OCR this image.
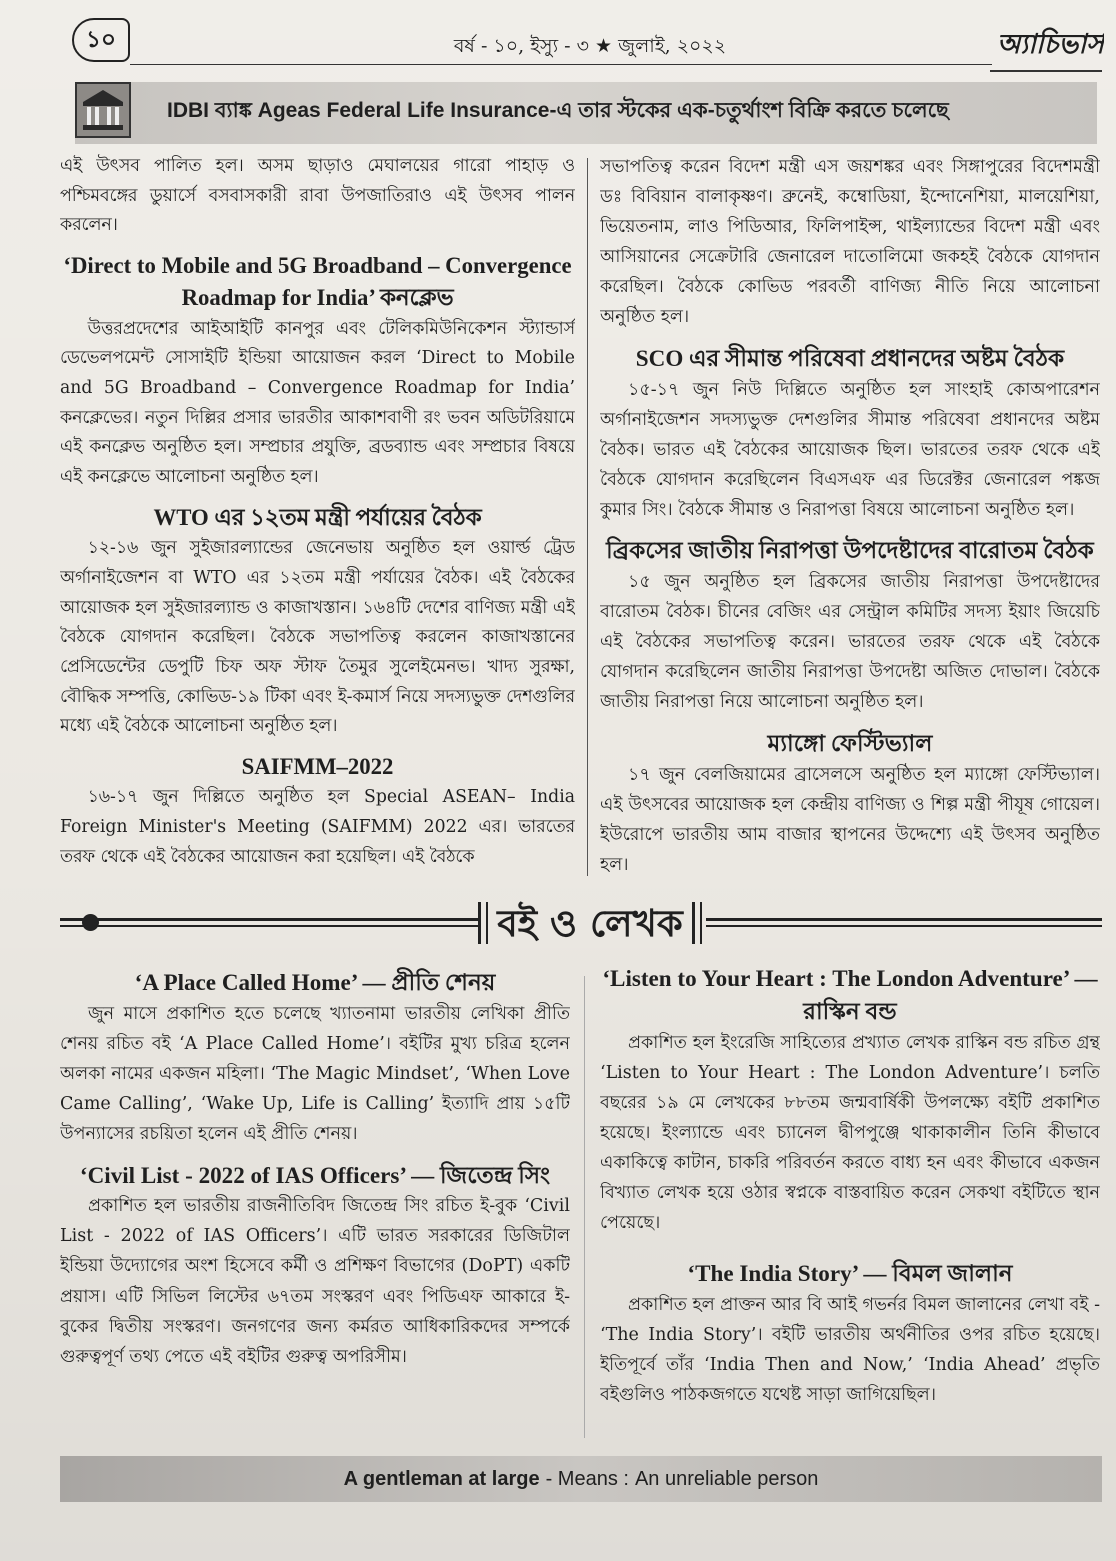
১০	বর্ষ - ১০, ইস্যু - ৩ ★ জুলাই, ২০২২	অ্যাচিভার্স
IDBI ব্যাঙ্ক Ageas Federal Life Insurance-এ তার স্টকের এক-চতুর্থাংশ বিক্রি করতে চলেছে

এই উৎসব পালিত হল। অসম ছাড়াও মেঘালয়ের গারো পাহাড় ও পশ্চিমবঙ্গের ডুয়ার্সে বসবাসকারী রাবা উপজাতিরাও এই উৎসব পালন করলেন।

‘Direct to Mobile and 5G Broadband – Convergence Roadmap for India’ কনক্লেভ

উত্তরপ্রদেশের আইআইটি কানপুর এবং টেলিকমিউনিকেশন স্ট্যান্ডার্স ডেভেলপমেন্ট সোসাইটি ইন্ডিয়া আয়োজন করল ‘Direct to Mobile and 5G Broadband – Convergence Roadmap for India’ কনক্লেভের। নতুন দিল্লির প্রসার ভারতীর আকাশবাণী রং ভবন অডিটরিয়ামে এই কনক্লেভ অনুষ্ঠিত হল। সম্প্রচার প্রযুক্তি, ব্রডব্যান্ড এবং সম্প্রচার বিষয়ে এই কনক্লেভে আলোচনা অনুষ্ঠিত হল।

WTO এর ১২তম মন্ত্রী পর্যায়ের বৈঠক

১২-১৬ জুন সুইজারল্যান্ডের জেনেভায় অনুষ্ঠিত হল ওয়ার্ল্ড ট্রেড অর্গানাইজেশন বা WTO এর ১২তম মন্ত্রী পর্যায়ের বৈঠক। এই বৈঠকের আয়োজক হল সুইজারল্যান্ড ও কাজাখস্তান। ১৬৪টি দেশের বাণিজ্য মন্ত্রী এই বৈঠকে যোগদান করেছিল। বৈঠকে সভাপতিত্ব করলেন কাজাখস্তানের প্রেসিডেন্টের ডেপুটি চিফ অফ স্টাফ তৈমুর সুলেইমেনভ। খাদ্য সুরক্ষা, বৌদ্ধিক সম্পত্তি, কোভিড-১৯ টিকা এবং ই-কমার্স নিয়ে সদস্যভুক্ত দেশগুলির মধ্যে এই বৈঠকে আলোচনা অনুষ্ঠিত হল।

SAIFMM–2022

১৬-১৭ জুন দিল্লিতে অনুষ্ঠিত হল Special ASEAN– India Foreign Minister's Meeting (SAIFMM) 2022 এর। ভারতের তরফ থেকে এই বৈঠকের আয়োজন করা হয়েছিল। এই বৈঠকে

সভাপতিত্ব করেন বিদেশ মন্ত্রী এস জয়শঙ্কর এবং সিঙ্গাপুরের বিদেশমন্ত্রী ডঃ বিবিয়ান বালাকৃষ্ণণ। ব্রুনেই, কম্বোডিয়া, ইন্দোনেশিয়া, মালয়েশিয়া, ভিয়েতনাম, লাও পিডিআর, ফিলিপাইন্স, থাইল্যান্ডের বিদেশ মন্ত্রী এবং আসিয়ানের সেক্রেটারি জেনারেল দাতোলিমো জকহই বৈঠকে যোগদান করেছিল। বৈঠকে কোভিড পরবর্তী বাণিজ্য নীতি নিয়ে আলোচনা অনুষ্ঠিত হল।

SCO এর সীমান্ত পরিষেবা প্রধানদের অষ্টম বৈঠক

১৫-১৭ জুন নিউ দিল্লিতে অনুষ্ঠিত হল সাংহাই কোঅপারেশন অর্গানাইজেশন সদস্যভুক্ত দেশগুলির সীমান্ত পরিষেবা প্রধানদের অষ্টম বৈঠক। ভারত এই বৈঠকের আয়োজক ছিল। ভারতের তরফ থেকে এই বৈঠকে যোগদান করেছিলেন বিএসএফ এর ডিরেক্টর জেনারেল পঙ্কজ কুমার সিং। বৈঠকে সীমান্ত ও নিরাপত্তা বিষয়ে আলোচনা অনুষ্ঠিত হল।

ব্রিকসের জাতীয় নিরাপত্তা উপদেষ্টাদের বারোতম বৈঠক

১৫ জুন অনুষ্ঠিত হল ব্রিকসের জাতীয় নিরাপত্তা উপদেষ্টাদের বারোতম বৈঠক। চীনের বেজিং এর সেন্ট্রাল কমিটির সদস্য ইয়াং জিয়েচি এই বৈঠকের সভাপতিত্ব করেন। ভারতের তরফ থেকে এই বৈঠকে যোগদান করেছিলেন জাতীয় নিরাপত্তা উপদেষ্টা অজিত দোভাল। বৈঠকে জাতীয় নিরাপত্তা নিয়ে আলোচনা অনুষ্ঠিত হল।

ম্যাঙ্গো ফেস্টিভ্যাল

১৭ জুন বেলজিয়ামের ব্রাসেলসে অনুষ্ঠিত হল ম্যাঙ্গো ফেস্টিভ্যাল। এই উৎসবের আয়োজক হল কেন্দ্রীয় বাণিজ্য ও শিল্প মন্ত্রী পীযূষ গোয়েল। ইউরোপে ভারতীয় আম বাজার স্থাপনের উদ্দেশ্যে এই উৎসব অনুষ্ঠিত হল।

বই ও লেখক
‘A Place Called Home’ — প্রীতি শেনয়

জুন মাসে প্রকাশিত হতে চলেছে খ্যাতনামা ভারতীয় লেখিকা প্রীতি শেনয় রচিত বই ‘A Place Called Home’। বইটির মুখ্য চরিত্র হলেন অলকা নামের একজন মহিলা। ‘The Magic Mindset’, ‘When Love Came Calling’, ‘Wake Up, Life is Calling’ ইত্যাদি প্রায় ১৫টি উপন্যাসের রচয়িতা হলেন এই প্রীতি শেনয়।

‘Civil List - 2022 of IAS Officers’ — জিতেন্দ্র সিং

প্রকাশিত হল ভারতীয় রাজনীতিবিদ জিতেন্দ্র সিং রচিত ই-বুক ‘Civil List - 2022 of IAS Officers’। এটি ভারত সরকারের ডিজিটাল ইন্ডিয়া উদ্যোগের অংশ হিসেবে কর্মী ও প্রশিক্ষণ বিভাগের (DoPT) একটি প্রয়াস। এটি সিভিল লিস্টের ৬৭তম সংস্করণ এবং পিডিএফ আকারে ই-বুকের দ্বিতীয় সংস্করণ। জনগণের জন্য কর্মরত আধিকারিকদের সম্পর্কে গুরুত্বপূর্ণ তথ্য পেতে এই বইটির গুরুত্ব অপরিসীম।

‘Listen to Your Heart : The London Adventure’ — রাস্কিন বন্ড

প্রকাশিত হল ইংরেজি সাহিত্যের প্রখ্যাত লেখক রাস্কিন বন্ড রচিত গ্রন্থ ‘Listen to Your Heart : The London Adventure’। চলতি বছরের ১৯ মে লেখকের ৮৮তম জন্মবার্ষিকী উপলক্ষ্যে বইটি প্রকাশিত হয়েছে। ইংল্যান্ডে এবং চ্যানেল দ্বীপপুঞ্জে থাকাকালীন তিনি কীভাবে একাকিত্বে কাটান, চাকরি পরিবর্তন করতে বাধ্য হন এবং কীভাবে একজন বিখ্যাত লেখক হয়ে ওঠার স্বপ্নকে বাস্তবায়িত করেন সেকথা বইটিতে স্থান পেয়েছে।

‘The India Story’ — বিমল জালান

প্রকাশিত হল প্রাক্তন আর বি আই গভর্নর বিমল জালানের লেখা বই - ‘The India Story’। বইটি ভারতীয় অর্থনীতির ওপর রচিত হয়েছে। ইতিপূর্বে তাঁর ‘India Then and Now,’ ‘India Ahead’ প্রভৃতি বইগুলিও পাঠকজগতে যথেষ্ট সাড়া জাগিয়েছিল।

A gentleman at large - Means : An unreliable person
